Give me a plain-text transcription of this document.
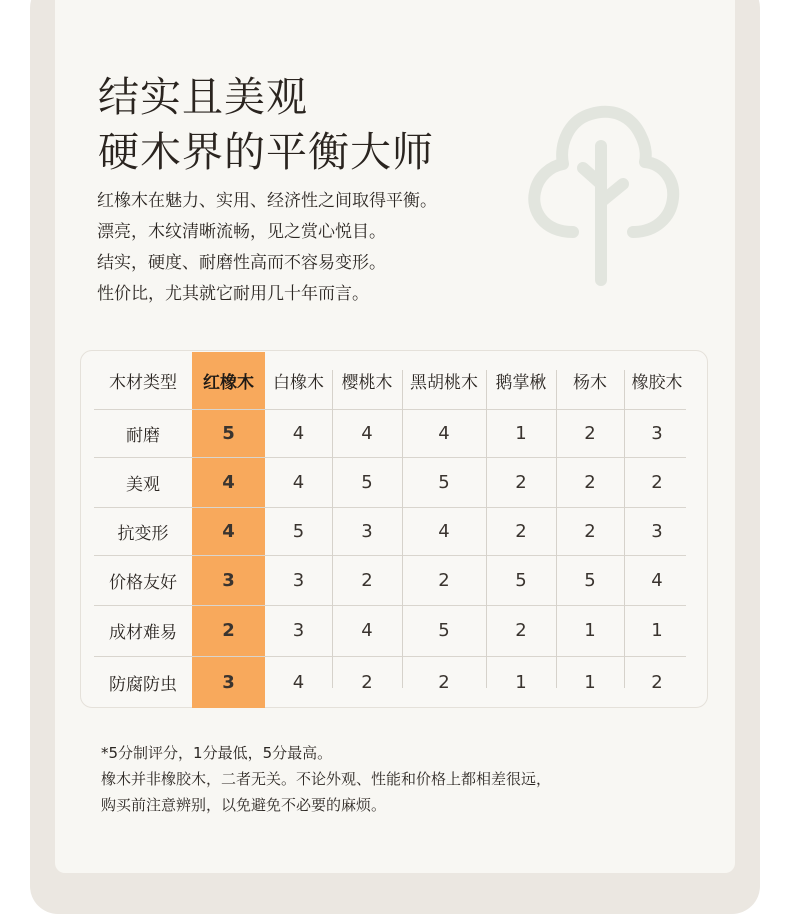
结实且美观
硬木界的平衡大师
红橡木在魅力、实用、经济性之间取得平衡。
漂亮，木纹清晰流畅，见之赏心悦目。
结实，硬度、耐磨性高而不容易变形。
性价比，尤其就它耐用几十年而言。
木材类型	红橡木	白橡木	樱桃木	黑胡桃木	鹅掌楸	杨木	橡胶木
耐磨	5	4	4	4	1	2	3
美观	4	4	5	5	2	2	2
抗变形	4	5	3	4	2	2	3
价格友好	3	3	2	2	5	5	4
成材难易	2	3	4	5	2	1	1
防腐防虫	3	4	2	2	1	1	2
*5分制评分，1分最低，5分最高。
橡木并非橡胶木，二者无关。不论外观、性能和价格上都相差很远，
购买前注意辨别，以免避免不必要的麻烦。
